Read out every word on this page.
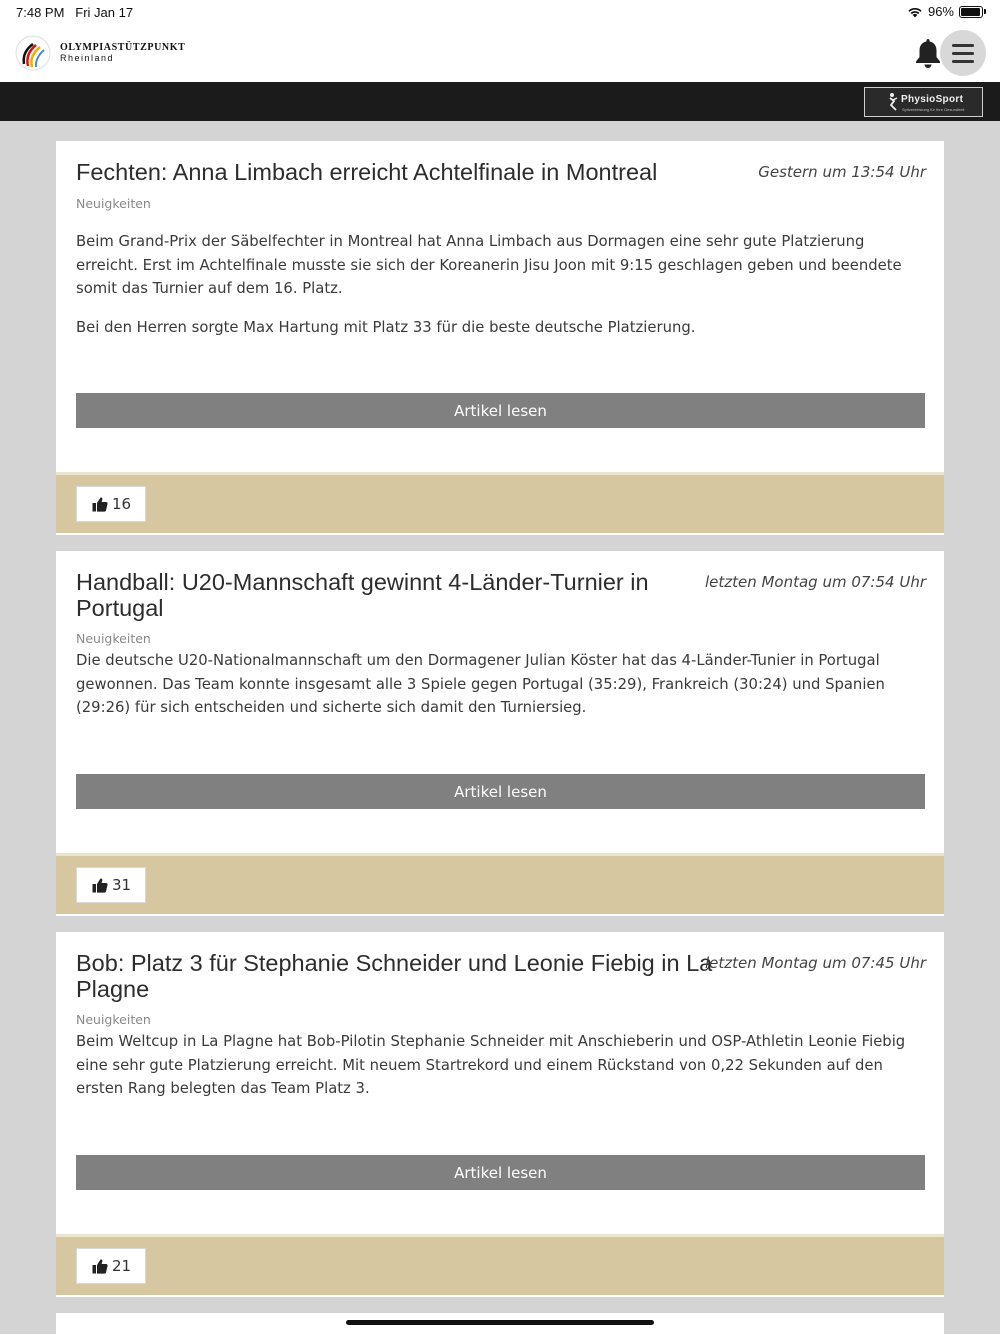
7:48 PM Fri Jan 17	96%
OLYMPIASTÜTZPUNKT
Rheinland
PhysioSport
Spitzenleistung für Ihre Gesundheit
Fechten: Anna Limbach erreicht Achtelfinale in Montreal	Gestern um 13:54 Uhr
Neuigkeiten

Beim Grand-Prix der Säbelfechter in Montreal hat Anna Limbach aus Dormagen eine sehr gute Platzierung erreicht. Erst im Achtelfinale musste sie sich der Koreanerin Jisu Joon mit 9:15 geschlagen geben und beendete somit das Turnier auf dem 16. Platz.

Bei den Herren sorgte Max Hartung mit Platz 33 für die beste deutsche Platzierung.

Artikel lesen
16
Handball: U20-Mannschaft gewinnt 4-Länder-Turnier in Portugal
letzten Montag um 07:54 Uhr
Neuigkeiten

Die deutsche U20-Nationalmannschaft um den Dormagener Julian Köster hat das 4-Länder-Tunier in Portugal gewonnen. Das Team konnte insgesamt alle 3 Spiele gegen Portugal (35:29), Frankreich (30:24) und Spanien (29:26) für sich entscheiden und sicherte sich damit den Turniersieg.

Artikel lesen
31
Bob: Platz 3 für Stephanie Schneider und Leonie Fiebig in La Plagne
letzten Montag um 07:45 Uhr
Neuigkeiten

Beim Weltcup in La Plagne hat Bob-Pilotin Stephanie Schneider mit Anschieberin und OSP-Athletin Leonie Fiebig eine sehr gute Platzierung erreicht. Mit neuem Startrekord und einem Rückstand von 0,22 Sekunden auf den ersten Rang belegten das Team Platz 3.

Artikel lesen
21
